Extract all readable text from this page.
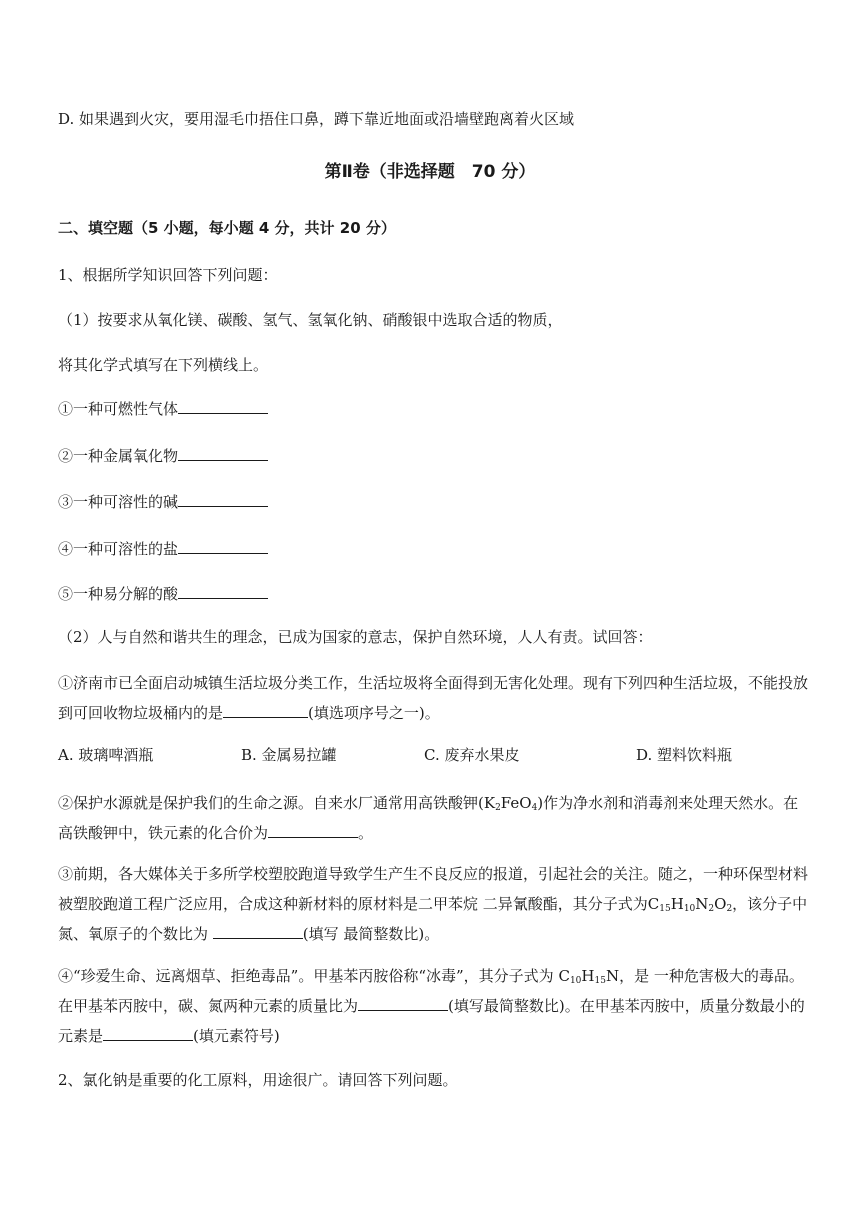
D. 如果遇到火灾，要用湿毛巾捂住口鼻，蹲下靠近地面或沿墙壁跑离着火区域
第Ⅱ卷（非选择题　70 分）
二、填空题（5 小题，每小题 4 分，共计 20 分）
1、根据所学知识回答下列问题：
（1）按要求从氧化镁、碳酸、氢气、氢氧化钠、硝酸银中选取合适的物质，
将其化学式填写在下列横线上。
①一种可燃性气体
②一种金属氧化物
③一种可溶性的碱
④一种可溶性的盐
⑤一种易分解的酸
（2）人与自然和谐共生的理念，已成为国家的意志，保护自然环境，人人有责。试回答：
①济南市已全面启动城镇生活垃圾分类工作，生活垃圾将全面得到无害化处理。现有下列四种生活垃圾，不能投放到可回收物垃圾桶内的是	(填选项序号之一)。
A. 玻璃啤酒瓶	B. 金属易拉罐	C. 废弃水果皮	D. 塑料饮料瓶
②保护水源就是保护我们的生命之源。自来水厂通常用高铁酸钾$(K_2FeO_4)$作为净水剂和消毒剂来处理天然水。在高铁酸钾中，铁元素的化合价为	。
③前期，各大媒体关于多所学校塑胶跑道导致学生产生不良反应的报道，引起社会的关注。随之，一种环保型材料被塑胶跑道工程广泛应用，合成这种新材料的原材料是二甲苯烷 二异氰酸酯，其分子式为$C_{15}H_{10}N_2O_2$，该分子中氮、氧原子的个数比为	(填写 最简整数比)。
④“珍爱生命、远离烟草、拒绝毒品”。甲基苯丙胺俗称“冰毒”，其分子式为 $C_{10}H_{15}N$，是 一种危害极大的毒品。在甲基苯丙胺中，碳、氮两种元素的质量比为	(填写最简整数比)。在甲基苯丙胺中，质量分数最小的元素是	(填元素符号)
2、氯化钠是重要的化工原料，用途很广。请回答下列问题。
